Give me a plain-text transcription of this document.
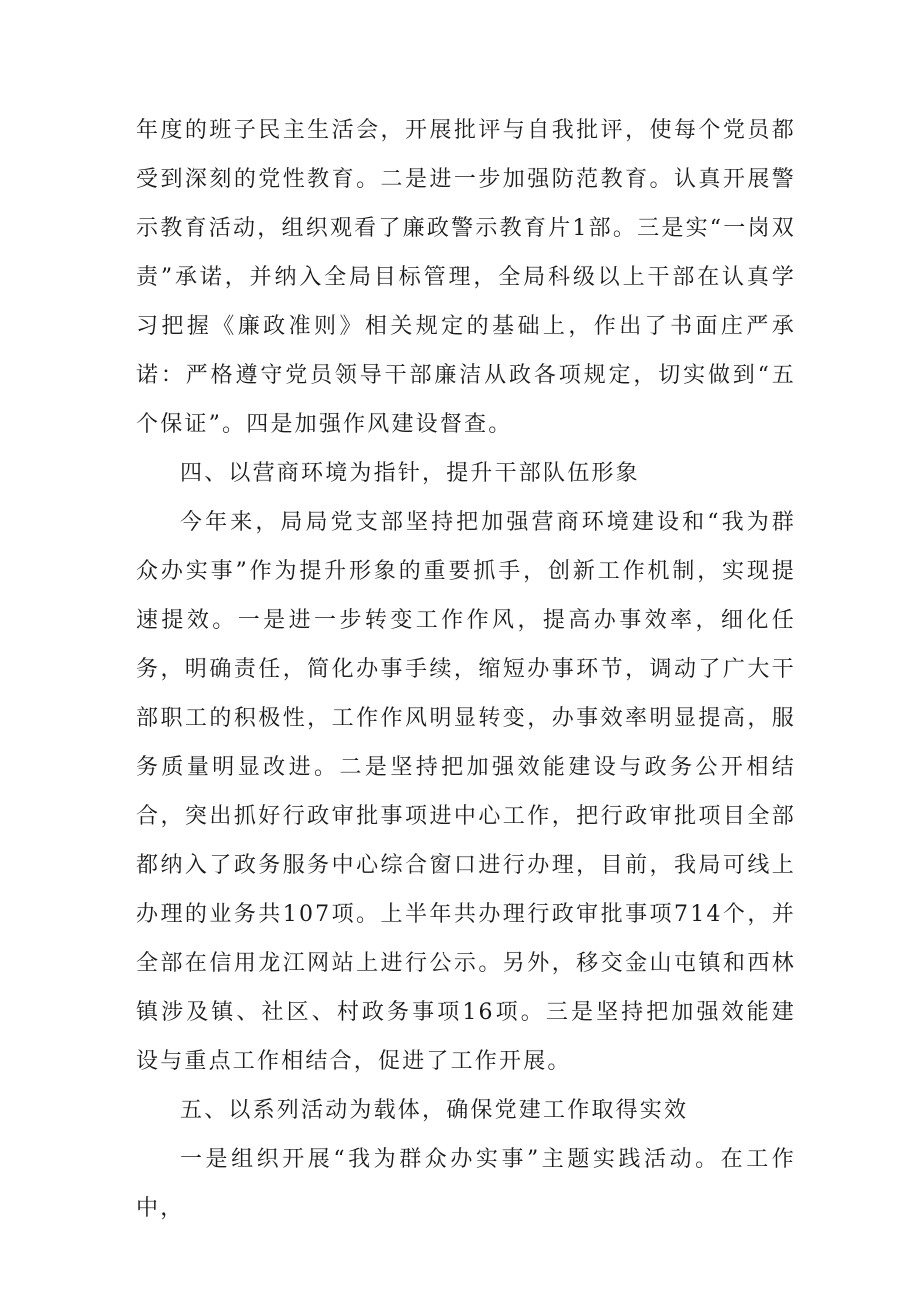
年度的班子民主生活会，开展批评与自我批评，使每个党员都受到深刻的党性教育。二是进一步加强防范教育。认真开展警示教育活动，组织观看了廉政警示教育片1部。三是实“一岗双责”承诺，并纳入全局目标管理，全局科级以上干部在认真学习把握《廉政准则》相关规定的基础上，作出了书面庄严承诺：严格遵守党员领导干部廉洁从政各项规定，切实做到“五个保证”。四是加强作风建设督查。

四、以营商环境为指针，提升干部队伍形象

今年来，局局党支部坚持把加强营商环境建设和“我为群众办实事”作为提升形象的重要抓手，创新工作机制，实现提速提效。一是进一步转变工作作风，提高办事效率，细化任务，明确责任，简化办事手续，缩短办事环节，调动了广大干部职工的积极性，工作作风明显转变，办事效率明显提高，服务质量明显改进。二是坚持把加强效能建设与政务公开相结合，突出抓好行政审批事项进中心工作，把行政审批项目全部都纳入了政务服务中心综合窗口进行办理，目前，我局可线上办理的业务共107项。上半年共办理行政审批事项714个，并全部在信用龙江网站上进行公示。另外，移交金山屯镇和西林镇涉及镇、社区、村政务事项16项。三是坚持把加强效能建设与重点工作相结合，促进了工作开展。

五、以系列活动为载体，确保党建工作取得实效

一是组织开展“我为群众办实事”主题实践活动。在工作中，
